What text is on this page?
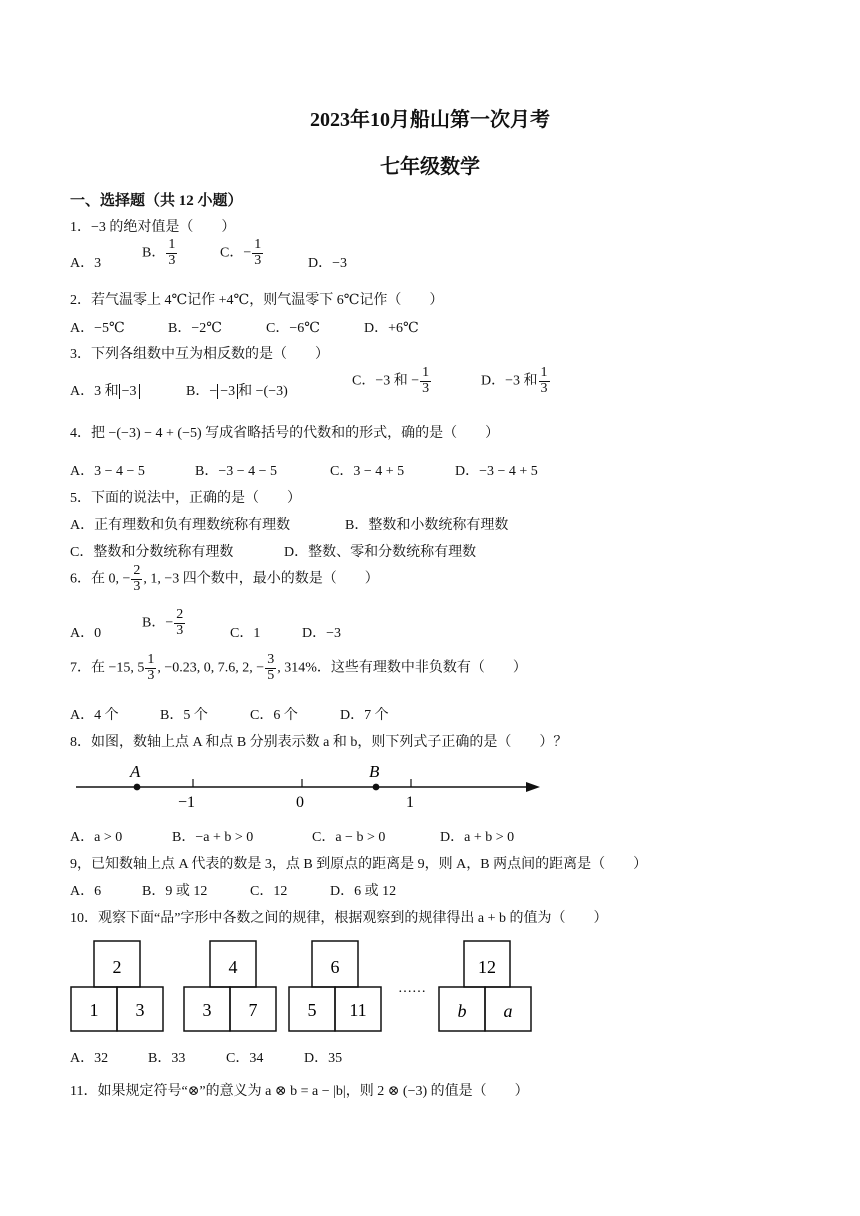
2023年10月船山第一次月考
七年级数学
一、选择题（共 12 小题）
1．−3 的绝对值是（　　）
A．3
B． $\frac{1}{3}$	C．− $\frac{1}{3}$	D．−3
2．若气温零上 4℃记作 +4℃，则气温零下 6℃记作（　　）
A．−5℃	B．−2℃	C．−6℃	D．+6℃
3．下列各组数中互为相反数的是（　　）
A．3 和 −3	B．− −3 和 −(−3)
C．−3 和 − $\frac{1}{3}$	D．−3 和 $\frac{1}{3}$
4．把 −(−3) − 4 + (−5) 写成省略括号的代数和的形式，确的是（　　）
A．3 − 4 − 5	B．−3 − 4 − 5	C．3 − 4 + 5	D．−3 − 4 + 5
5．下面的说法中，正确的是（　　）
A．正有理数和负有理数统称有理数	B．整数和小数统称有理数
C．整数和分数统称有理数	D．整数、零和分数统称有理数
6．在 0, − $\frac{2}{3}$ , 1, −3 四个数中，最小的数是（　　）
A．0
B．− $\frac{2}{3}$	C．1	D．−3
7．在 −15, $5 \frac{1}{3}$ , −0.23, 0, 7.6, 2, − $\frac{3}{5}$ , 314%．这些有理数中非负数有（　　）
A．4 个	B．5 个	C．6 个	D．7 个
8．如图，数轴上点 A 和点 B 分别表示数 a 和 b，则下列式子正确的是（　　）？
A	B
−1	0	1
A．a > 0	B．−a + b > 0	C．a − b > 0	D．a + b > 0
9，已知数轴上点 A 代表的数是 3，点 B 到原点的距离是 9，则 A，B 两点间的距离是（　　）
A．6	B．9 或 12	C．12	D．6 或 12
10．观察下面“品”字形中各数之间的规律，根据观察到的规律得出 a + b 的值为（　　）
2
1 3
4
3 7
6
5 11
……
12
b a
A．32	B．33	C．34	D．35
11．如果规定符号“⊗”的意义为 a ⊗ b = a − |b|，则 2 ⊗ (−3) 的值是（　　）
